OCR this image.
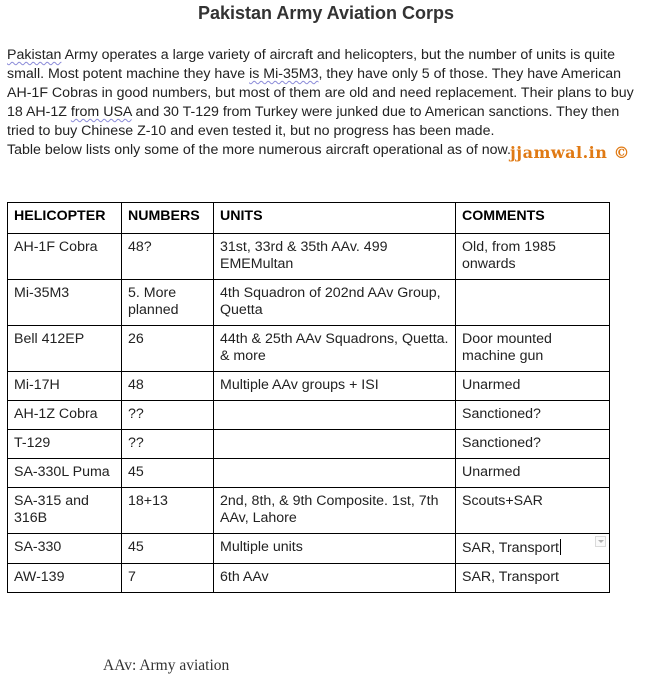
Pakistan Army Aviation Corps

Pakistan Army operates a large variety of aircraft and helicopters, but the number of units is quite small. Most potent machine they have is Mi-35M3, they have only 5 of those. They have American AH-1F Cobras in good numbers, but most of them are old and need replacement. Their plans to buy 18 AH-1Z from USA and 30 T-129 from Turkey were junked due to American sanctions. They then tried to buy Chinese Z-10 and even tested it, but no progress has been made.
Table below lists only some of the more numerous aircraft operational as of now. jjamwal.in ©
HELICOPTER	NUMBERS	UNITS	COMMENTS
AH-1F Cobra	48?	31st, 33rd & 35th AAv. 499 EMEMultan	Old, from 1985 onwards
Mi-35M3	5. More planned	4th Squadron of 202nd AAv Group, Quetta	
Bell 412EP	26	44th & 25th AAv Squadrons, Quetta. & more	Door mounted machine gun
Mi-17H	48	Multiple AAv groups + ISI	Unarmed
AH-1Z Cobra	??		Sanctioned?
T-129	??		Sanctioned?
SA-330L Puma	45		Unarmed
SA-315 and 316B	18+13	2nd, 8th, & 9th Composite. 1st, 7th AAv, Lahore	Scouts+SAR
SA-330	45	Multiple units	SAR, Transport

AW-139	7	6th AAv	SAR, Transport

AAv: Army aviation
